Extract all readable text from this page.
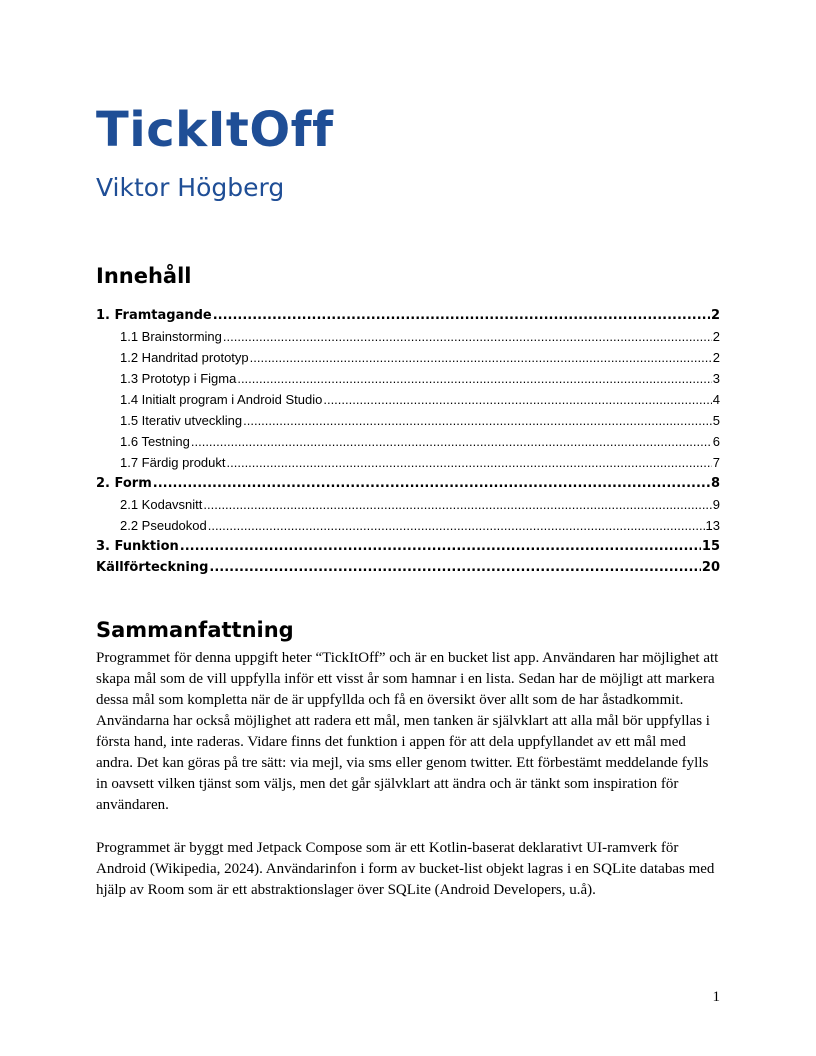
TickItOff

Viktor Högberg

Innehåll
1. Framtagande .....	2
1.1 Brainstorming .....	2
1.2 Handritad prototyp .....	2
1.3 Prototyp i Figma .....	3
1.4 Initialt program i Android Studio .....	4
1.5 Iterativ utveckling .....	5
1.6 Testning .....	6
1.7 Färdig produkt .....	7
2. Form .....	8
2.1 Kodavsnitt .....	9
2.2 Pseudokod .....	13
3. Funktion .....	15
Källförteckning .....	20
Sammanfattning

Programmet för denna uppgift heter “TickItOff” och är en bucket list app. Användaren har möjlighet att skapa mål som de vill uppfylla inför ett visst år som hamnar i en lista. Sedan har de möjligt att markera dessa mål som kompletta när de är uppfyllda och få en översikt över allt som de har åstadkommit. Användarna har också möjlighet att radera ett mål, men tanken är självklart att alla mål bör uppfyllas i första hand, inte raderas. Vidare finns det funktion i appen för att dela uppfyllandet av ett mål med andra. Det kan göras på tre sätt: via mejl, via sms eller genom twitter. Ett förbestämt meddelande fylls in oavsett vilken tjänst som väljs, men det går självklart att ändra och är tänkt som inspiration för användaren.

Programmet är byggt med Jetpack Compose som är ett Kotlin-baserat deklarativt UI-ramverk för Android (Wikipedia, 2024). Användarinfon i form av bucket-list objekt lagras i en SQLite databas med hjälp av Room som är ett abstraktionslager över SQLite (Android Developers, u.å).

1
